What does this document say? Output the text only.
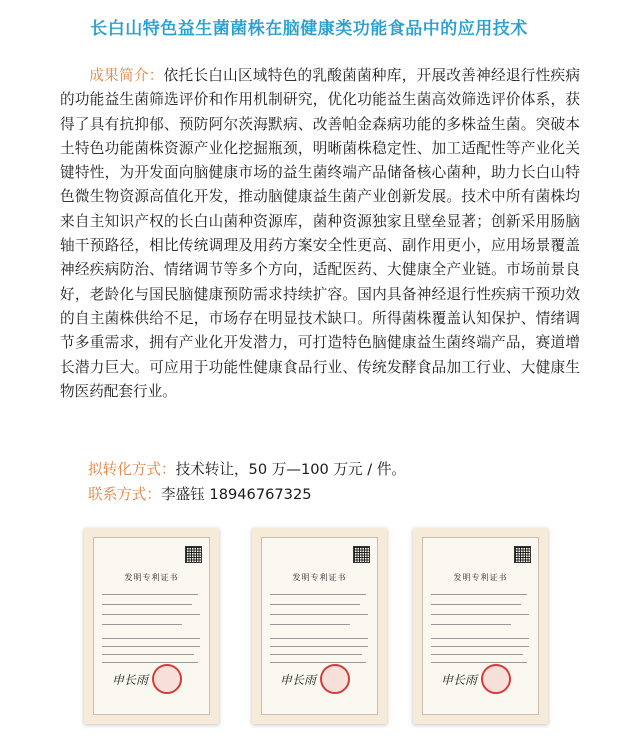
长白山特色益生菌菌株在脑健康类功能食品中的应用技术
成果简介：依托长白山区域特色的乳酸菌菌种库，开展改善神经退行性疾病的功能益生菌筛选评价和作用机制研究，优化功能益生菌高效筛选评价体系，获得了具有抗抑郁、预防阿尔茨海默病、改善帕金森病功能的多株益生菌。突破本土特色功能菌株资源产业化挖掘瓶颈，明晰菌株稳定性、加工适配性等产业化关键特性，为开发面向脑健康市场的益生菌终端产品储备核心菌种，助力长白山特色微生物资源高值化开发，推动脑健康益生菌产业创新发展。技术中所有菌株均来自主知识产权的长白山菌种资源库，菌种资源独家且壁垒显著；创新采用肠脑轴干预路径，相比传统调理及用药方案安全性更高、副作用更小，应用场景覆盖神经疾病防治、情绪调节等多个方向，适配医药、大健康全产业链。市场前景良好，老龄化与国民脑健康预防需求持续扩容。国内具备神经退行性疾病干预功效的自主菌株供给不足，市场存在明显技术缺口。所得菌株覆盖认知保护、情绪调节多重需求，拥有产业化开发潜力，可打造特色脑健康益生菌终端产品，赛道增长潜力巨大。可应用于功能性健康食品行业、传统发酵食品加工行业、大健康生物医药配套行业。
拟转化方式：技术转让，50 万—100 万元 / 件。
联系方式：李盛钰 18946767325
发明专利证书
申长雨
发明专利证书
申长雨
发明专利证书
申长雨
